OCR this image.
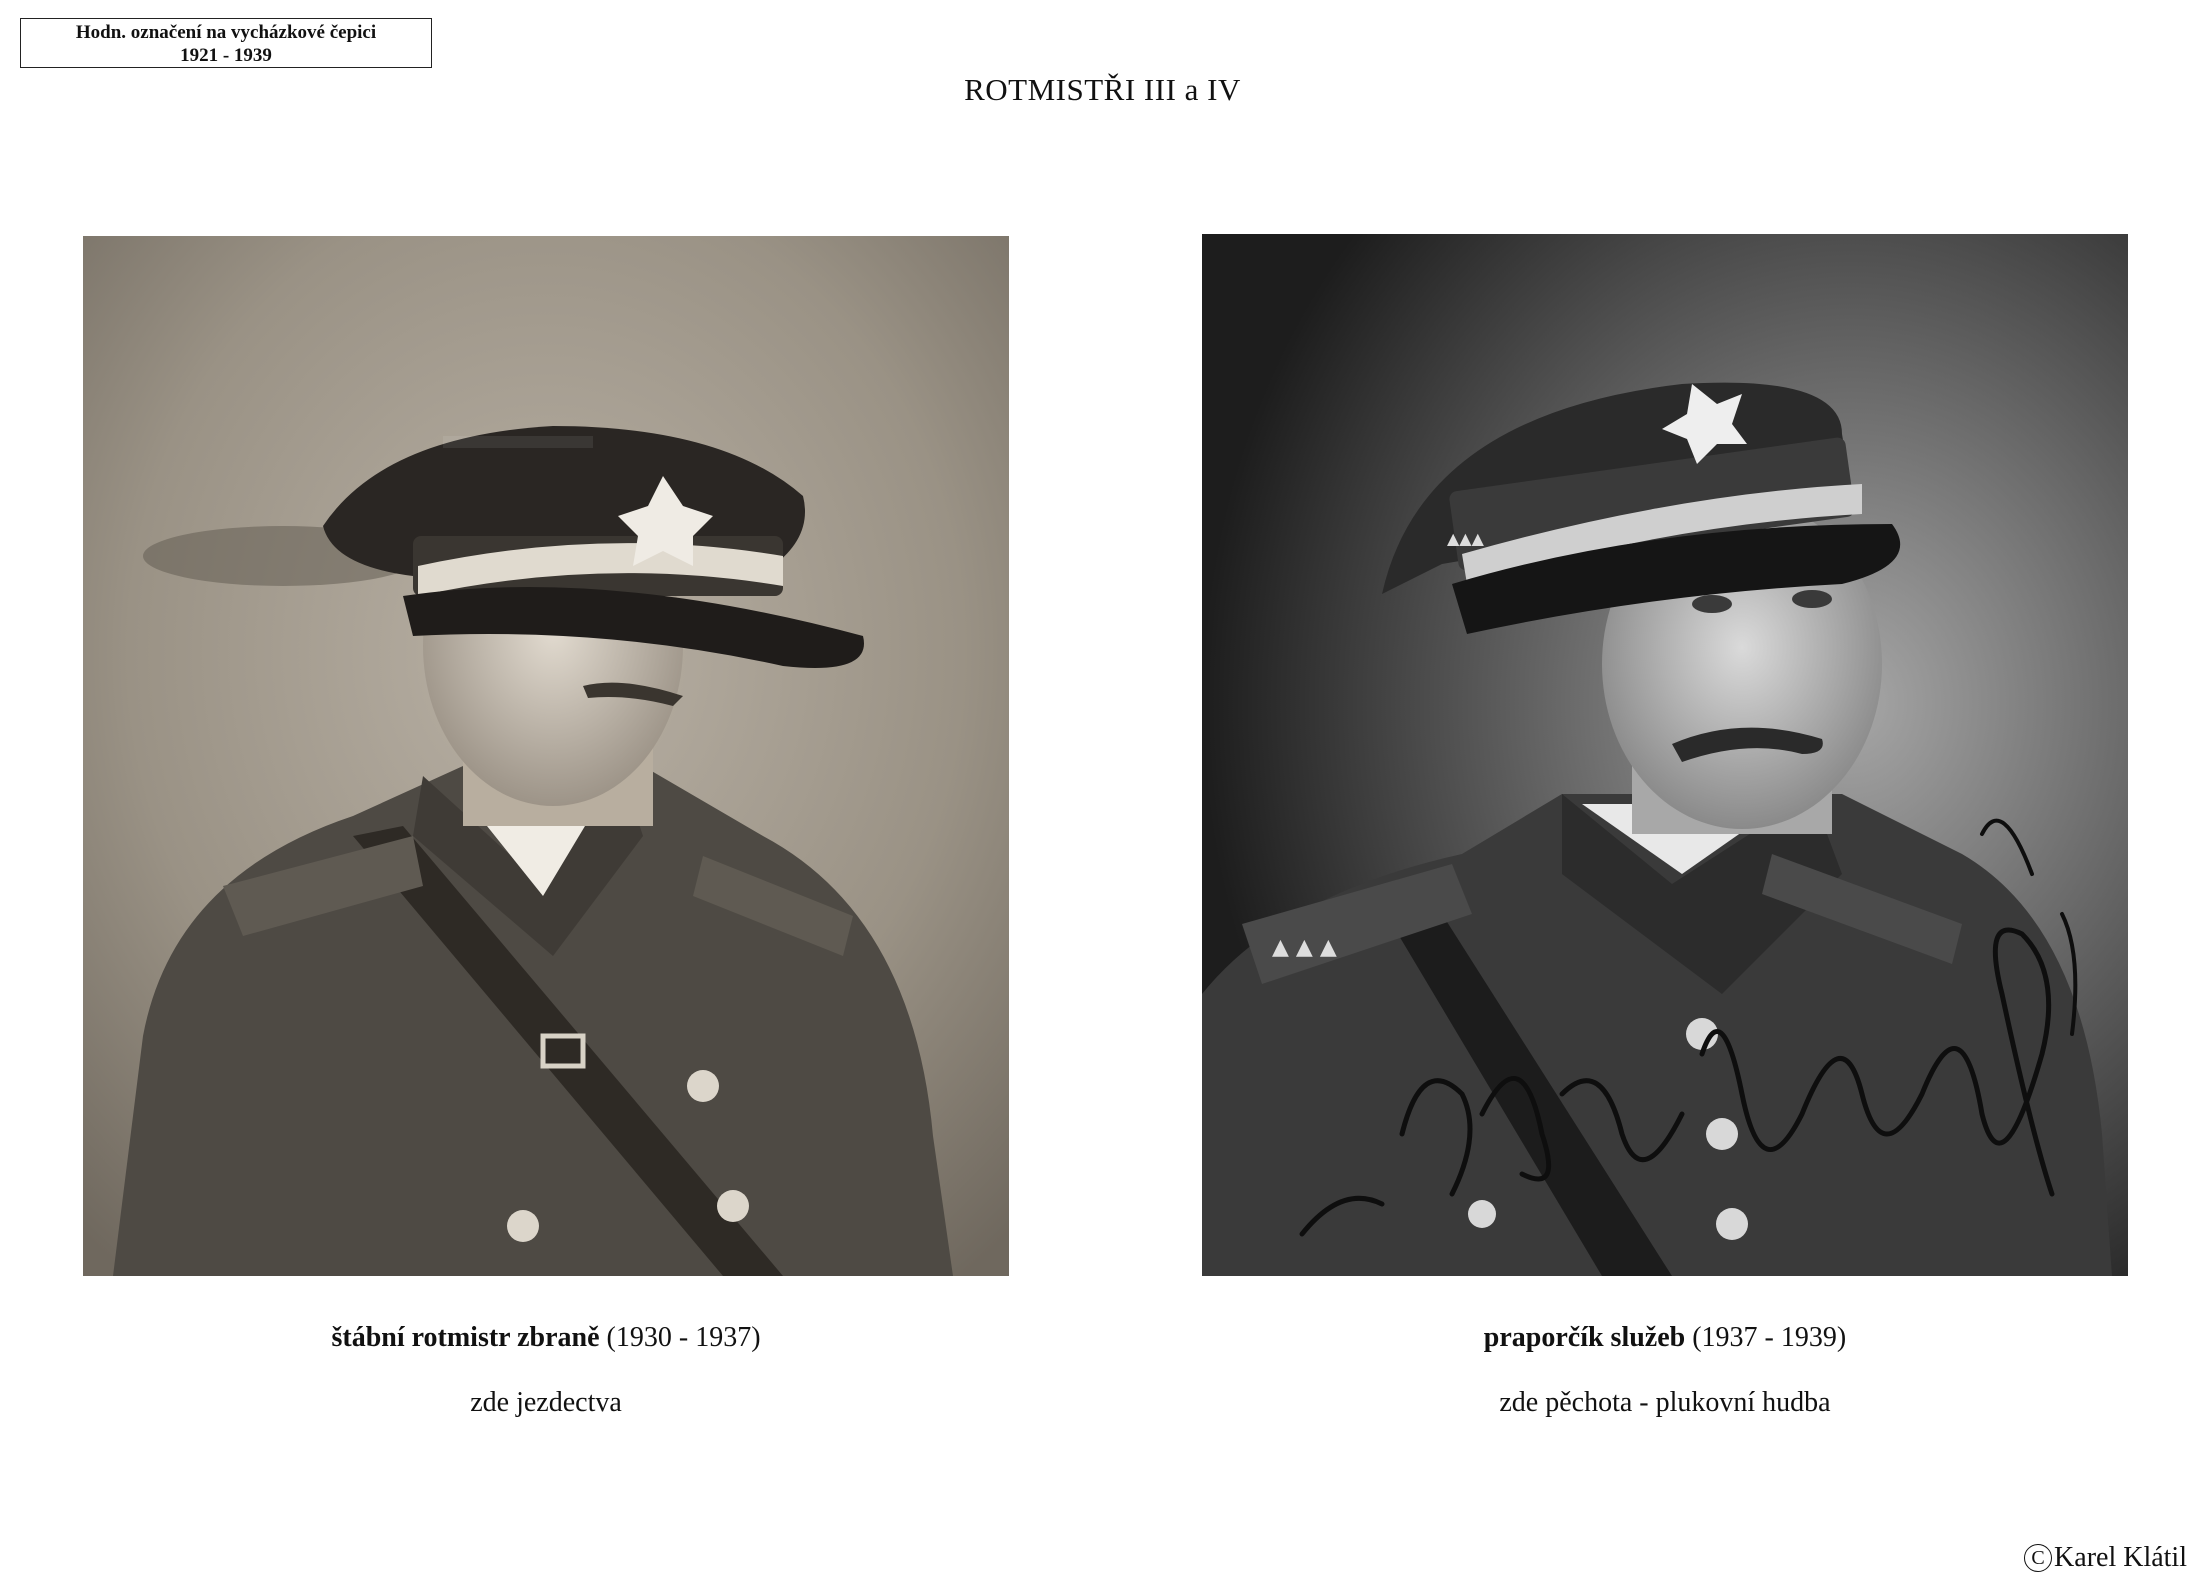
Hodn. označení na vycházkové čepici
1921 - 1939
ROTMISTŘI III a IV
▲ ▲ ▲
▲▲▲
štábní rotmistr zbraně (1930 - 1937)
zde jezdectva
praporčík služeb (1937 - 1939)
zde pěchota - plukovní hudba
C Karel Klátil
